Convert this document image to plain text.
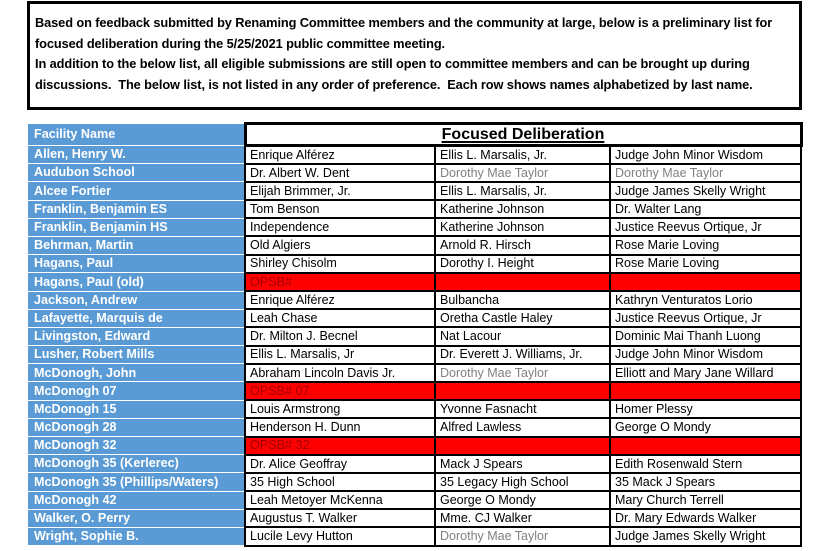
Based on feedback submitted by Renaming Committee members and the community at large, below is a preliminary list for
focused deliberation during the 5/25/2021 public committee meeting.
In addition to the below list, all eligible submissions are still open to committee members and can be brought up during
discussions.  The below list, is not listed in any order of preference.  Each row shows names alphabetized by last name.
Facility Name	Focused Deliberation		
Allen, Henry W.	Enrique Alférez	Ellis L. Marsalis, Jr.	Judge John Minor Wisdom
Audubon School	Dr. Albert W. Dent	Dorothy Mae Taylor	Dorothy Mae Taylor
Alcee Fortier	Elijah Brimmer, Jr.	Ellis L. Marsalis, Jr.	Judge James Skelly Wright
Franklin, Benjamin ES	Tom Benson	Katherine Johnson	Dr. Walter Lang
Franklin, Benjamin HS	Independence	Katherine Johnson	Justice Reevus Ortique, Jr
Behrman, Martin	Old Algiers	Arnold R. Hirsch	Rose Marie Loving
Hagans, Paul	Shirley Chisolm	Dorothy I. Height	Rose Marie Loving
Hagans, Paul (old)	OPSB#		
Jackson, Andrew	Enrique Alférez	Bulbancha	Kathryn Venturatos Lorio
Lafayette, Marquis de	Leah Chase	Oretha Castle Haley	Justice Reevus Ortique, Jr
Livingston, Edward	Dr. Milton J. Becnel	Nat Lacour	Dominic Mai Thanh Luong
Lusher, Robert Mills	Ellis L. Marsalis, Jr	Dr. Everett J. Williams, Jr.	Judge John Minor Wisdom
McDonogh, John	Abraham Lincoln Davis Jr.	Dorothy Mae Taylor	Elliott and Mary Jane Willard
McDonogh 07	OPSB# 07		
McDonogh 15	Louis Armstrong	Yvonne Fasnacht	Homer Plessy
McDonogh 28	Henderson H. Dunn	Alfred Lawless	George O Mondy
McDonogh 32	OPSB# 32		
McDonogh 35 (Kerlerec)	Dr. Alice Geoffray	Mack J Spears	Edith Rosenwald Stern
McDonogh 35 (Phillips/Waters)	35 High School	35 Legacy High School	35 Mack J Spears
McDonogh 42	Leah Metoyer McKenna	George O Mondy	Mary Church Terrell
Walker, O. Perry	Augustus T. Walker	Mme. CJ Walker	Dr. Mary Edwards Walker
Wright, Sophie B.	Lucile Levy Hutton	Dorothy Mae Taylor	Judge James Skelly Wright
